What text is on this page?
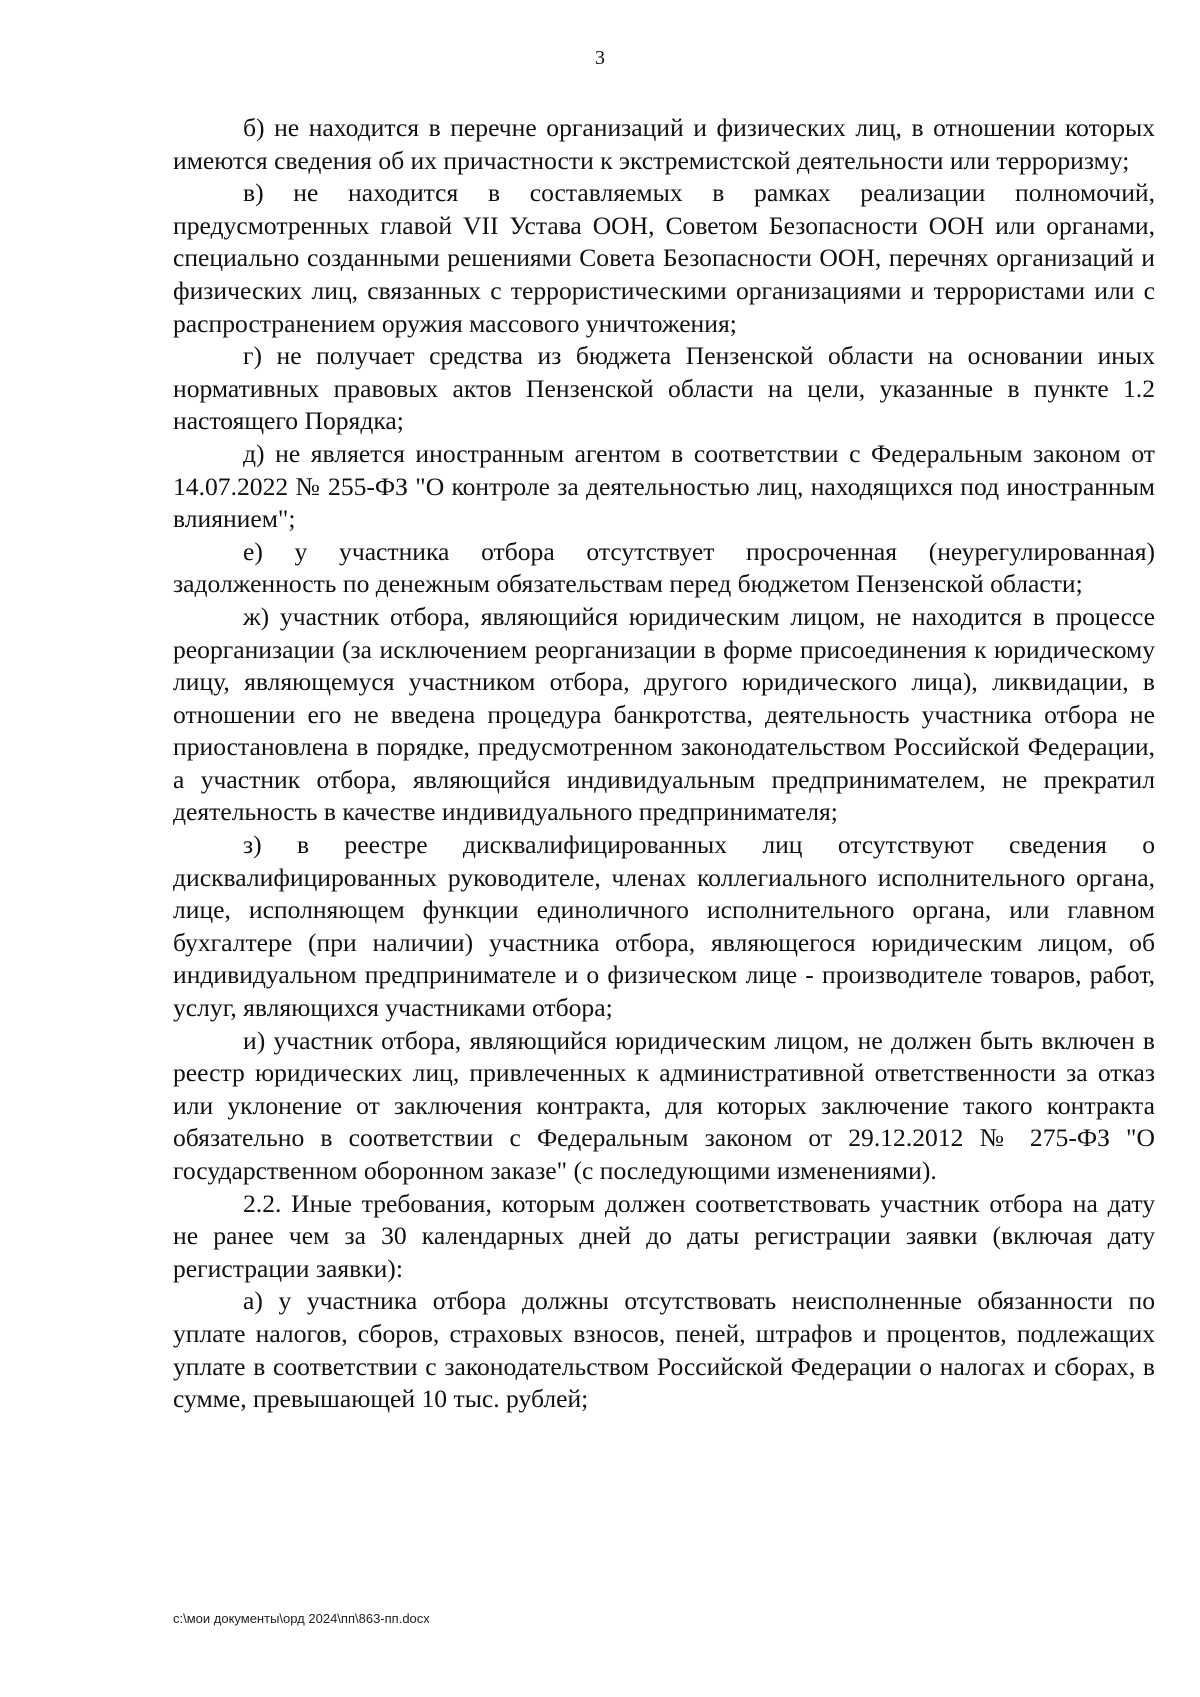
3

б) не находится в перечне организаций и физических лиц, в отношении которых имеются сведения об их причастности к экстремистской деятельности или терроризму;

в) не находится в составляемых в рамках реализации полномочий, предусмотренных главой VII Устава ООН, Советом Безопасности ООН или органами, специально созданными решениями Совета Безопасности ООН, перечнях организаций и физических лиц, связанных с террористическими организациями и террористами или с распространением оружия массового уничтожения;

г) не получает средства из бюджета Пензенской области на основании иных нормативных правовых актов Пензенской области на цели, указанные в пункте 1.2 настоящего Порядка;

д) не является иностранным агентом в соответствии с Федеральным законом от 14.07.2022 № 255-ФЗ "О контроле за деятельностью лиц, находящихся под иностранным влиянием";

е) у участника отбора отсутствует просроченная (неурегулированная) задолженность по денежным обязательствам перед бюджетом Пензенской области;

ж) участник отбора, являющийся юридическим лицом, не находится в процессе реорганизации (за исключением реорганизации в форме присоединения к юридическому лицу, являющемуся участником отбора, другого юридического лица), ликвидации, в отношении его не введена процедура банкротства, деятельность участника отбора не приостановлена в порядке, предусмотренном законодательством Российской Федерации, а участник отбора, являющийся индивидуальным предпринимателем, не прекратил деятельность в качестве индивидуального предпринимателя;

з) в реестре дисквалифицированных лиц отсутствуют сведения о дисквалифицированных руководителе, членах коллегиального исполнительного органа, лице, исполняющем функции единоличного исполнительного органа, или главном бухгалтере (при наличии) участника отбора, являющегося юридическим лицом, об индивидуальном предпринимателе и о физическом лице - производителе товаров, работ, услуг, являющихся участниками отбора;

и) участник отбора, являющийся юридическим лицом, не должен быть включен в реестр юридических лиц, привлеченных к административной ответственности за отказ или уклонение от заключения контракта, для которых заключение такого контракта обязательно в соответствии с Федеральным законом от 29.12.2012 № 275-ФЗ "О государственном оборонном заказе" (с последующими изменениями).

2.2. Иные требования, которым должен соответствовать участник отбора на дату не ранее чем за 30 календарных дней до даты регистрации заявки (включая дату регистрации заявки):

а) у участника отбора должны отсутствовать неисполненные обязанности по уплате налогов, сборов, страховых взносов, пеней, штрафов и процентов, подлежащих уплате в соответствии с законодательством Российской Федерации о налогах и сборах, в сумме, превышающей 10 тыс. рублей;

c:\мои документы\орд 2024\пп\863-пп.docx
